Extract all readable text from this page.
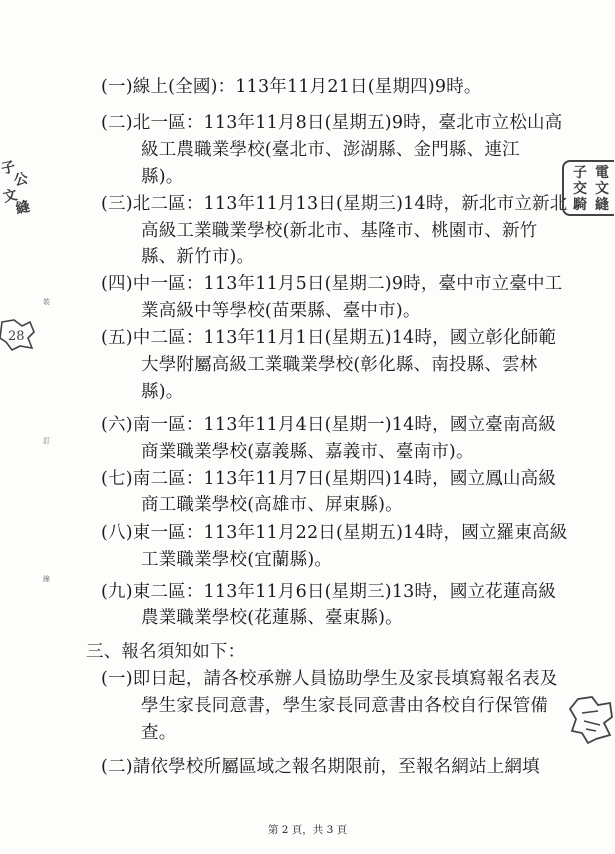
(一)線上(全國)：113年11月21日(星期四)9時。
(二)北一區：113年11月8日(星期五)9時，臺北市立松山高
級工農職業學校(臺北市、澎湖縣、金門縣、連江
縣)。
(三)北二區：113年11月13日(星期三)14時，新北市立新北
高級工業職業學校(新北市、基隆市、桃園市、新竹
縣、新竹市)。
(四)中一區：113年11月5日(星期二)9時，臺中市立臺中工
業高級中等學校(苗栗縣、臺中市)。
(五)中二區：113年11月1日(星期五)14時，國立彰化師範
大學附屬高級工業職業學校(彰化縣、南投縣、雲林
縣)。
(六)南一區：113年11月4日(星期一)14時，國立臺南高級
商業職業學校(嘉義縣、嘉義市、臺南市)。
(七)南二區：113年11月7日(星期四)14時，國立鳳山高級
商工職業學校(高雄市、屏東縣)。
(八)東一區：113年11月22日(星期五)14時，國立羅東高級
工業職業學校(宜蘭縣)。
(九)東二區：113年11月6日(星期三)13時，國立花蓮高級
農業職業學校(花蓮縣、臺東縣)。
三、報名須知如下：
(一)即日起，請各校承辦人員協助學生及家長填寫報名表及
學生家長同意書，學生家長同意書由各校自行保管備
查。
(二)請依學校所屬區域之報名期限前，至報名網站上網填
第 2 頁，共 3 頁
子 電
交 文
騎 縫
子
公
文
縫
28
裝
訂
線
